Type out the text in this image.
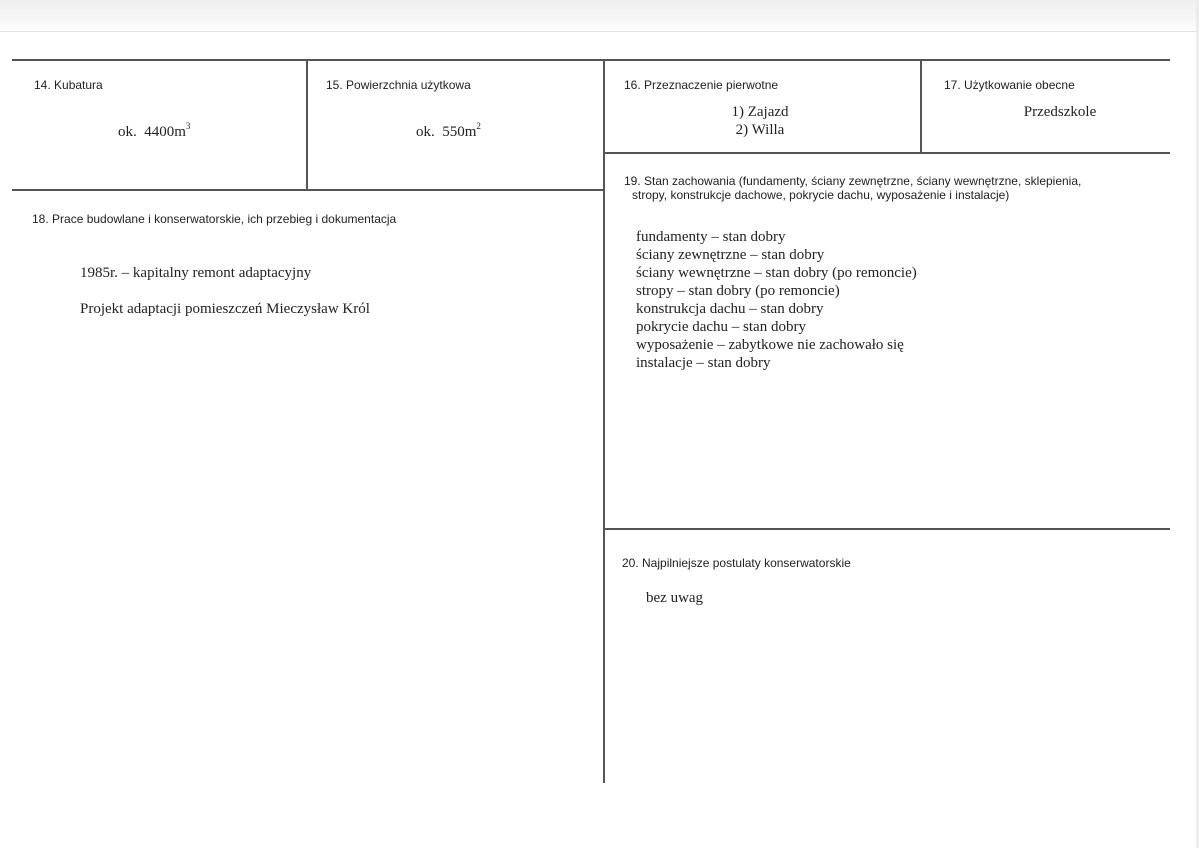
14. Kubatura
ok. $4400m^3$
15. Powierzchnia użytkowa
ok. $550m^2$
16. Przeznaczenie pierwotne
1) Zajazd
2) Willa
17. Użytkowanie obecne
Przedszkole
18. Prace budowlane i konserwatorskie, ich przebieg i dokumentacja
1985r. – kapitalny remont adaptacyjny
Projekt adaptacji pomieszczeń Mieczysław Król
19. Stan zachowania (fundamenty, ściany zewnętrzne, ściany wewnętrzne, sklepienia,
stropy, konstrukcje dachowe, pokrycie dachu, wyposażenie i instalacje)
fundamenty – stan dobry
ściany zewnętrzne – stan dobry
ściany wewnętrzne – stan dobry (po remoncie)
stropy – stan dobry (po remoncie)
konstrukcja dachu – stan dobry
pokrycie dachu – stan dobry
wyposażenie – zabytkowe nie zachowało się
instalacje – stan dobry
20. Najpilniejsze postulaty konserwatorskie
bez uwag
